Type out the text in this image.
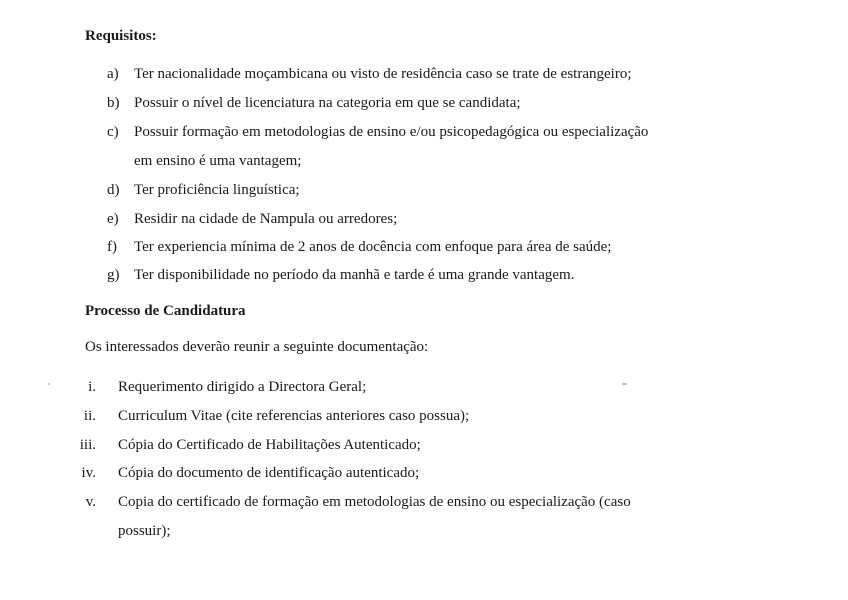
Requisitos:
a) Ter nacionalidade moçambicana ou visto de residência caso se trate de estrangeiro;
b) Possuir o nível de licenciatura na categoria em que se candidata;
c) Possuir formação em metodologias de ensino e/ou psicopedagógica ou especialização
em ensino é uma vantagem;
d) Ter proficiência linguística;
e) Residir na cidade de Nampula ou arredores;
f) Ter experiencia mínima de 2 anos de docência com enfoque para área de saúde;
g) Ter disponibilidade no período da manhã e tarde é uma grande vantagem.
Processo de Candidatura
Os interessados deverão reunir a seguinte documentação:
i. Requerimento dirigido a Directora Geral;
ii. Curriculum Vitae (cite referencias anteriores caso possua);
iii. Cópia do Certificado de Habilitações Autenticado;
iv. Cópia do documento de identificação autenticado;
v. Copia do certificado de formação em metodologias de ensino ou especialização (caso
possuir);
